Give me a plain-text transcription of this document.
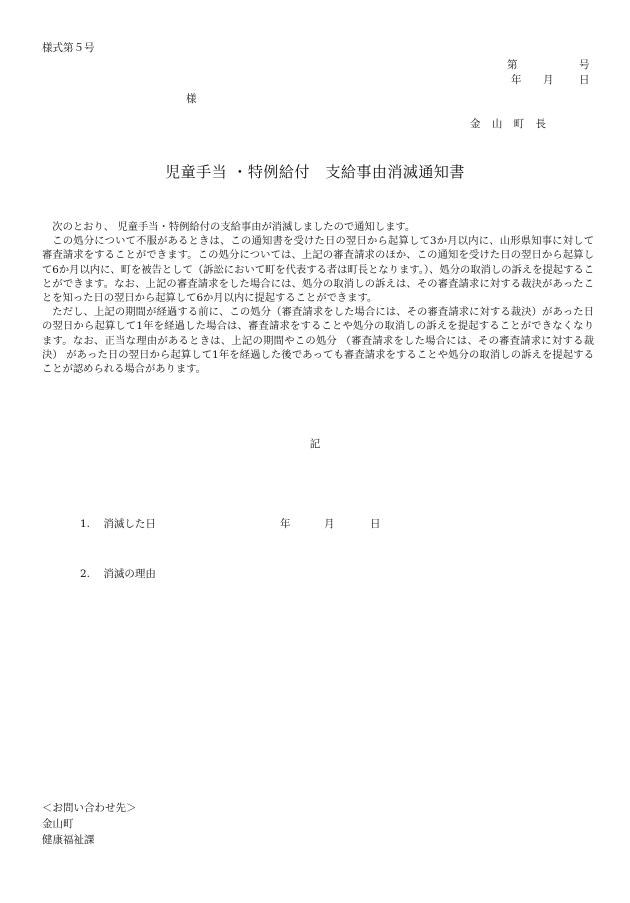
様式第５号
第	号
年 月 日
様
金 山 町 長
児童手当 ・特例給付　支給事由消滅通知書

次のとおり、 児童手当・特例給付の支給事由が消滅しましたので通知します。

この処分について不服があるときは、この通知書を受けた日の翌日から起算して3か月以内に、山形県知事に対して審査請求をすることができます。この処分については、上記の審査請求のほか、この通知を受けた日の翌日から起算して6か月以内に、町を被告として（訴訟において町を代表する者は町長となります。）、処分の取消しの訴えを提起することができます。なお、上記の審査請求をした場合には、処分の取消しの訴えは、その審査請求に対する裁決があったことを知った日の翌日から起算して6か月以内に提起することができます。

ただし、上記の期間が経過する前に、この処分（審査請求をした場合には、その審査請求に対する裁決）があった日の翌日から起算して1年を経過した場合は、審査請求をすることや処分の取消しの訴えを提起することができなくなります。なお、正当な理由があるときは、上記の期間やこの処分 （審査請求をした場合には、その審査請求に対する裁決） があった日の翌日から起算して1年を経過した後であっても審査請求をすることや処分の取消しの訴えを提起することが認められる場合があります。

記
1. 消滅した日	年	月	日
2. 消滅の理由
＜お問い合わせ先＞
金山町
健康福祉課
